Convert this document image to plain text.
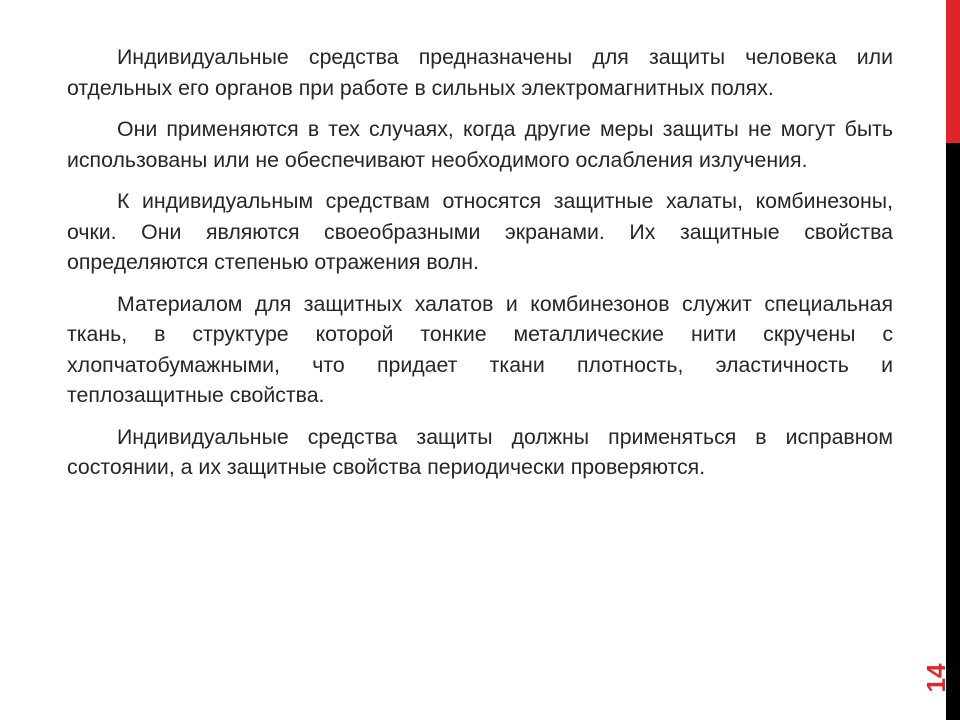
Индивидуальные средства предназначены для защиты человека или отдельных его органов при работе в сильных электромагнитных полях.

Они применяются в тех случаях, когда другие меры защиты не могут быть использованы или не обеспечивают необходимого ослабления излучения.

К индивидуальным средствам относятся защитные халаты, комбинезоны, очки. Они являются своеобразными экранами. Их защитные свойства определяются степенью отражения волн.

Материалом для защитных халатов и комбинезонов служит специальная ткань, в структуре которой тонкие металлические нити скручены с хлопчатобумажными, что придает ткани плотность, эластичность и теплозащитные свойства.

Индивидуальные средства защиты должны применяться в исправном состоянии, а их защитные свойства периодически проверяются.

14
